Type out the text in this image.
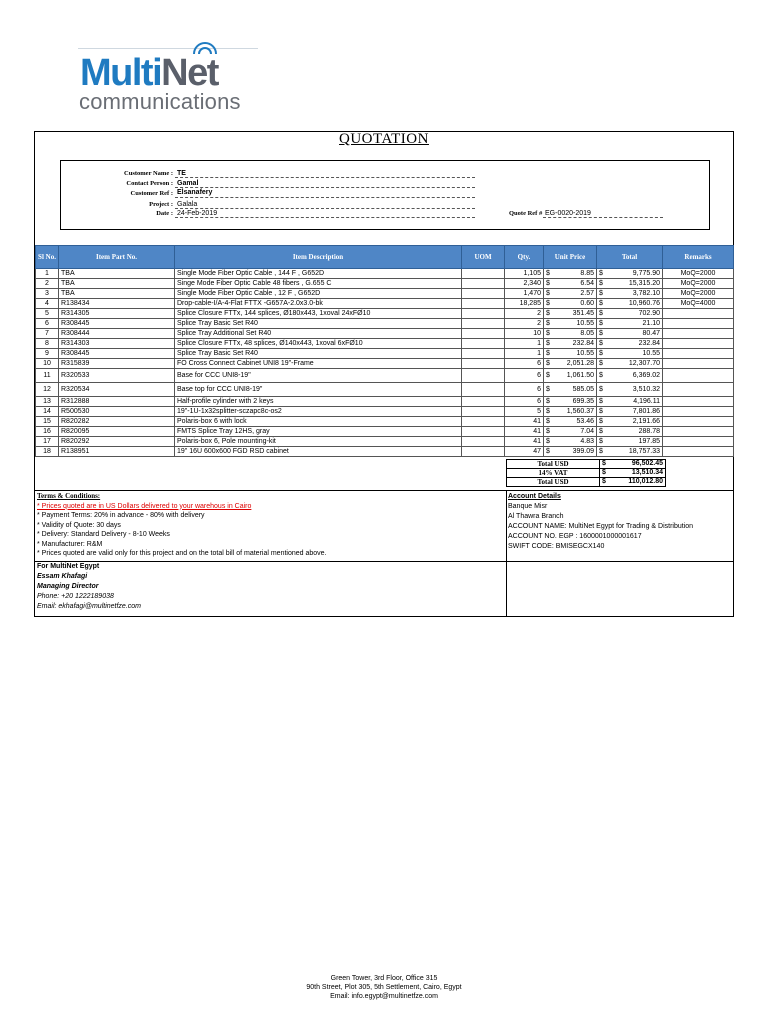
MultiNet
communications
QUOTATION
Customer Name : TE
Contact Person : Gamal Elsanafery
Customer Ref :
Project : Galala
Date : 24-Feb-2019	Quote Ref # EG-0020-2019
Sl No.	Item Part No.	Item Description	UOM	Qty.	Unit Price		Total		Remarks
1	TBA	Single Mode Fiber Optic Cable , 144 F , G652D		1,105	$	8.85	$	9,775.90	MoQ=2000
2	TBA	Singe Mode Fiber Optic Cable 48 fibers , G.655 C		2,340	$	6.54	$	15,315.20	MoQ=2000
3	TBA	Single Mode Fiber Optic Cable , 12 F , G652D		1,470	$	2.57	$	3,782.10	MoQ=2000
4	R138434	Drop-cable-I/A-4-Flat FTTX -G657A-2.0x3.0-bk		18,285	$	0.60	$	10,960.76	MoQ=4000
5	R314305	Splice Closure FTTx, 144 splices, Ø180x443, 1xoval 24xFØ10		2	$	351.45	$	702.90	
6	R308445	Splice Tray Basic Set R40		2	$	10.55	$	21.10	
7	R308444	Splice Tray Additional Set R40		10	$	8.05	$	80.47	
8	R314303	Splice Closure FTTx, 48 splices, Ø140x443, 1xoval 6xFØ10		1	$	232.84	$	232.84	
9	R308445	Splice Tray Basic Set R40		1	$	10.55	$	10.55	
10	R315839	FO Cross Connect Cabinet UNI8 19"-Frame		6	$	2,051.28	$	12,307.70	
11	R320533	Base for CCC UNI8-19"		6	$	1,061.50	$	6,369.02	
12	R320534	Base top for CCC UNI8-19"		6	$	585.05	$	3,510.32	
13	R312888	Half-profile cylinder with 2 keys		6	$	699.35	$	4,196.11	
14	R500530	19"-1U-1x32splitter-sczapc8c-os2		5	$	1,560.37	$	7,801.86	
15	R820282	Polaris-box 6 with lock		41	$	53.46	$	2,191.66	
16	R820095	FMTS Splice Tray 12HS, gray		41	$	7.04	$	288.78	
17	R820292	Polaris-box 6, Pole mounting-kit		41	$	4.83	$	197.85	
18	R138951	19" 16U 600x600 FGD RSD cabinet		47	$	399.09	$	18,757.33	
Total USD	$	96,502.45
14% VAT	$	13,510.34
Total USD	$	110,012.80
Terms & Conditions:
* Prices quoted are in US Dollars delivered to your warehous in Cairo
* Payment Terms: 20% in advance - 80% with delivery
* Validity of Quote: 30 days
* Delivery: Standard Delivery - 8-10 Weeks
* Manufacturer: R&M
* Prices quoted are valid only for this project and on the total bill of material mentioned above.
Account Details
Banque Misr
Al Thawra Branch
ACCOUNT NAME: MultiNet Egypt for Trading & Distribution
ACCOUNT NO. EGP : 1600001000001617
SWIFT CODE: BMISEGCX140
For MultiNet Egypt
Essam Khafagi
Managing Director
Phone: +20 1222189038
Email: ekhafagi@multinetfze.com
Green Tower, 3rd Floor, Office 315
90th Street, Plot 305, 5th Settlement, Cairo, Egypt
Email: info.egypt@multinetfze.com
